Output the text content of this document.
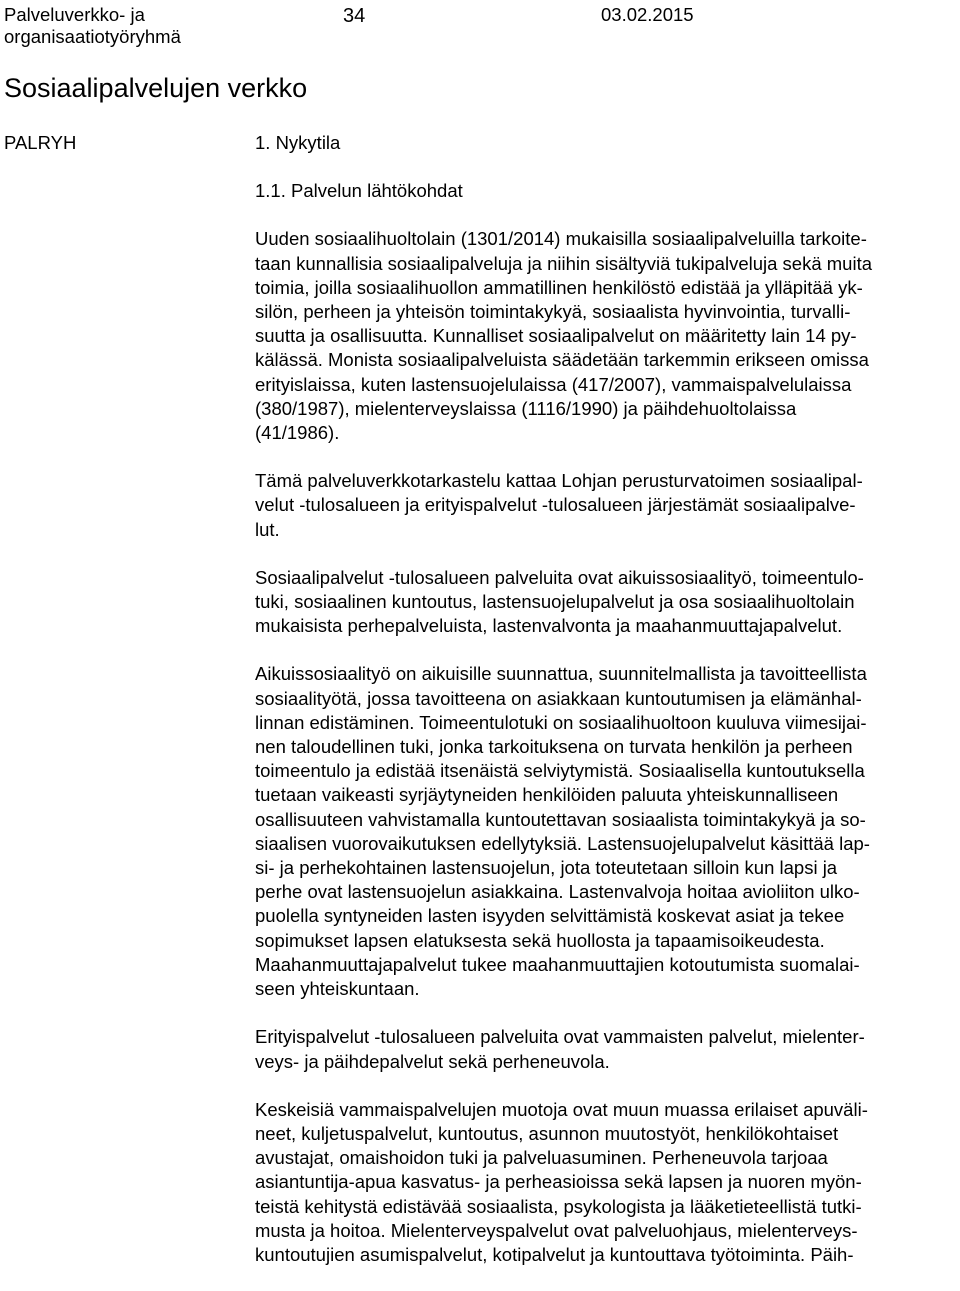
Palveluverkko- ja
organisaatiotyöryhmä
34	03.02.2015
Sosiaalipalvelujen verkko
PALRYH	1. Nykytila
1.1. Palvelun lähtökohdat

Uuden sosiaalihuoltolain (1301/2014) mukaisilla sosiaalipalveluilla tarkoite-
taan kunnallisia sosiaalipalveluja ja niihin sisältyviä tukipalveluja sekä muita
toimia, joilla sosiaalihuollon ammatillinen henkilöstö edistää ja ylläpitää yk-
silön, perheen ja yhteisön toimintakykyä, sosiaalista hyvinvointia, turvalli-
suutta ja osallisuutta. Kunnalliset sosiaalipalvelut on määritetty lain 14 py-
kälässä. Monista sosiaalipalveluista säädetään tarkemmin erikseen omissa
erityislaissa, kuten lastensuojelulaissa (417/2007), vammaispalvelulaissa
(380/1987), mielenterveyslaissa (1116/1990) ja päihdehuoltolaissa
(41/1986).

Tämä palveluverkkotarkastelu kattaa Lohjan perusturvatoimen sosiaalipal-
velut -tulosalueen ja erityispalvelut -tulosalueen järjestämät sosiaalipalve-
lut.

Sosiaalipalvelut -tulosalueen palveluita ovat aikuissosiaalityö, toimeentulo-
tuki, sosiaalinen kuntoutus, lastensuojelupalvelut ja osa sosiaalihuoltolain
mukaisista perhepalveluista, lastenvalvonta ja maahanmuuttajapalvelut.

Aikuissosiaalityö on aikuisille suunnattua, suunnitelmallista ja tavoitteellista
sosiaalityötä, jossa tavoitteena on asiakkaan kuntoutumisen ja elämänhal-
linnan edistäminen. Toimeentulotuki on sosiaalihuoltoon kuuluva viimesijai-
nen taloudellinen tuki, jonka tarkoituksena on turvata henkilön ja perheen
toimeentulo ja edistää itsenäistä selviytymistä. Sosiaalisella kuntoutuksella
tuetaan vaikeasti syrjäytyneiden henkilöiden paluuta yhteiskunnalliseen
osallisuuteen vahvistamalla kuntoutettavan sosiaalista toimintakykyä ja so-
siaalisen vuorovaikutuksen edellytyksiä. Lastensuojelupalvelut käsittää lap-
si- ja perhekohtainen lastensuojelun, jota toteutetaan silloin kun lapsi ja
perhe ovat lastensuojelun asiakkaina. Lastenvalvoja hoitaa avioliiton ulko-
puolella syntyneiden lasten isyyden selvittämistä koskevat asiat ja tekee
sopimukset lapsen elatuksesta sekä huollosta ja tapaamisoikeudesta.
Maahanmuuttajapalvelut tukee maahanmuuttajien kotoutumista suomalai-
seen yhteiskuntaan.

Erityispalvelut -tulosalueen palveluita ovat vammaisten palvelut, mielenter-
veys- ja päihdepalvelut sekä perheneuvola.

Keskeisiä vammaispalvelujen muotoja ovat muun muassa erilaiset apuväli-
neet, kuljetuspalvelut, kuntoutus, asunnon muutostyöt, henkilökohtaiset
avustajat, omaishoidon tuki ja palveluasuminen. Perheneuvola tarjoaa
asiantuntija-apua kasvatus- ja perheasioissa sekä lapsen ja nuoren myön-
teistä kehitystä edistävää sosiaalista, psykologista ja lääketieteellistä tutki-
musta ja hoitoa. Mielenterveyspalvelut ovat palveluohjaus, mielenterveys-
kuntoutujien asumispalvelut, kotipalvelut ja kuntouttava työtoiminta. Päih-
